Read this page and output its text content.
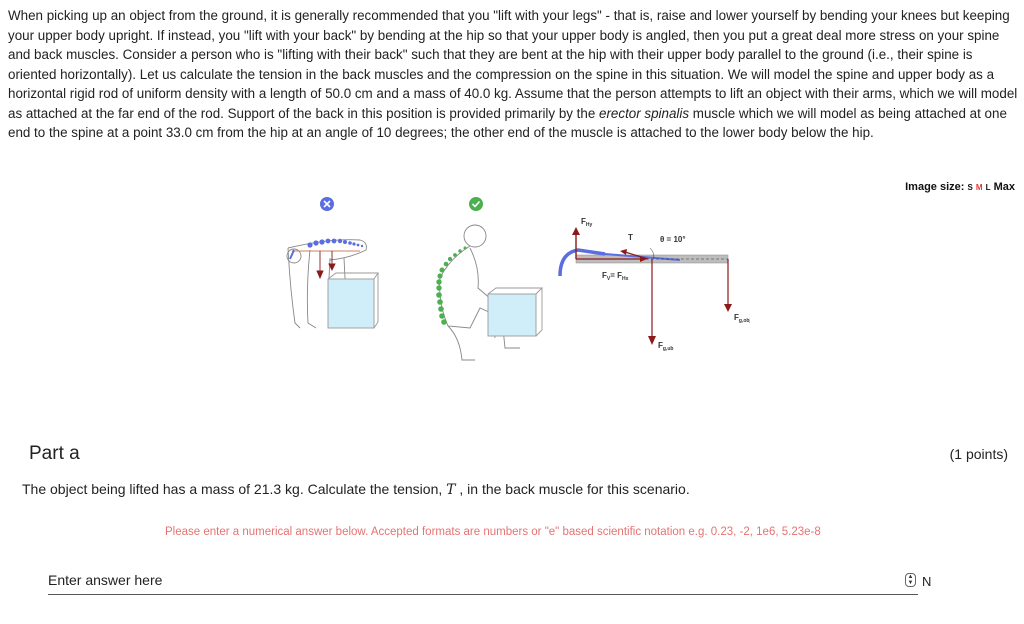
When picking up an object from the ground, it is generally recommended that you "lift with your legs" - that is, raise and lower yourself by bending your knees but keeping your upper body upright. If instead, you "lift with your back" by bending at the hip so that your upper body is angled, then you put a great deal more stress on your spine and back muscles. Consider a person who is "lifting with their back" such that they are bent at the hip with their upper body parallel to the ground (i.e., their spine is oriented horizontally). Let us calculate the tension in the back muscles and the compression on the spine in this situation. We will model the spine and upper body as a horizontal rigid rod of uniform density with a length of 50.0 cm and a mass of 40.0 kg. Assume that the person attempts to lift an object with their arms, which we will model as attached at the far end of the rod. Support of the back in this position is provided primarily by the erector spinalis muscle which we will model as being attached at one end to the spine at a point 33.0 cm from the hip at an angle of 10 degrees; the other end of the muscle is attached to the lower body below the hip.
Image size: S M L Max
$F_{Hy}$
T	θ = 10°
$F_V= F_{Hx}$
$F_{g,ub}$
$F_{g,obj}$
Part a	(1 points)
The object being lifted has a mass of 21.3 kg. Calculate the tension, T , in the back muscle for this scenario.
Please enter a numerical answer below. Accepted formats are numbers or "e" based scientific notation e.g. 0.23, -2, 1e6, 5.23e-8
Enter answer here
▲
▼ N
